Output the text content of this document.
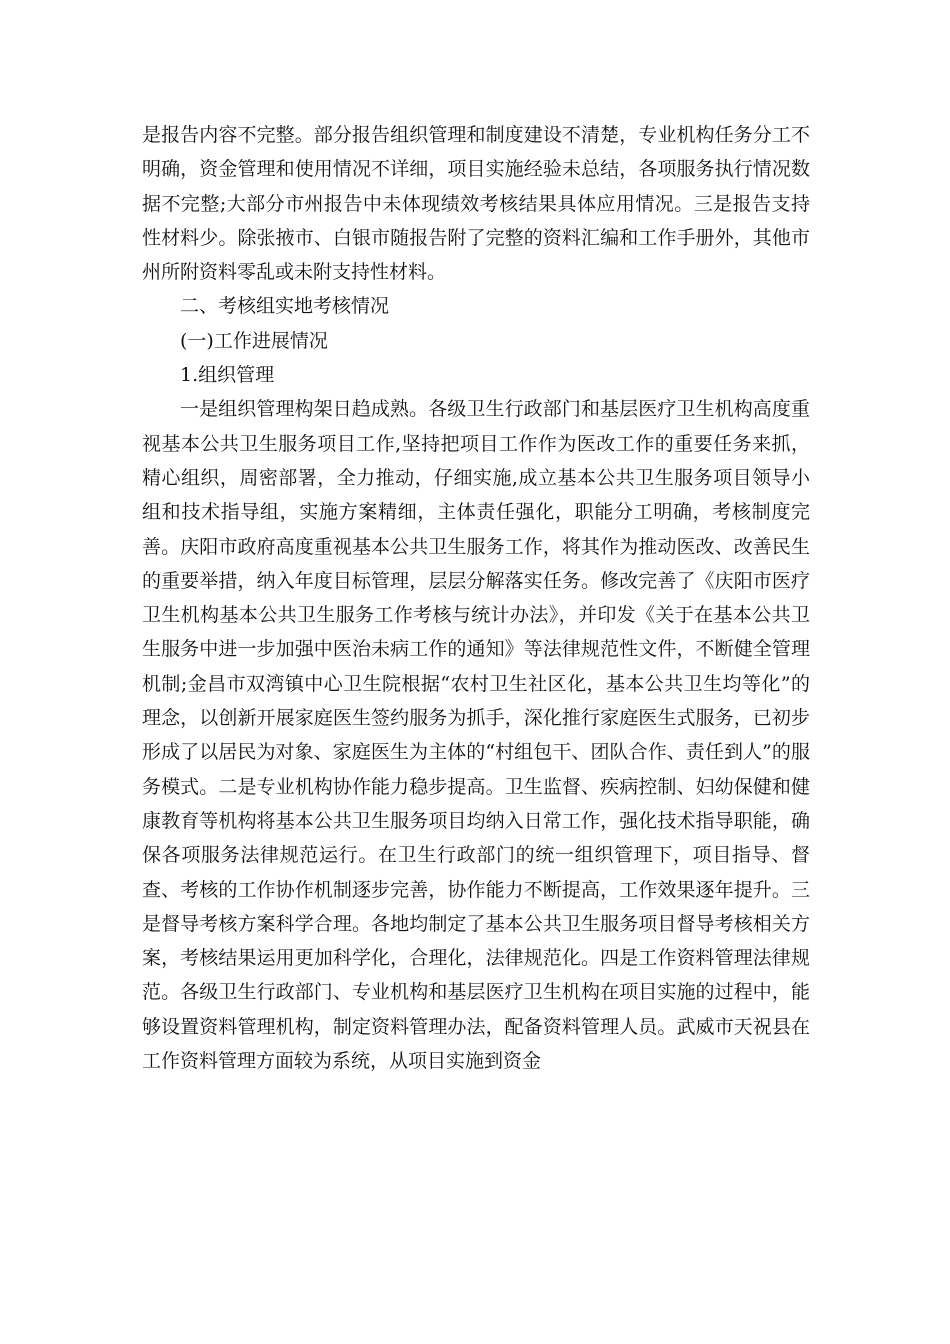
是报告内容不完整。部分报告组织管理和制度建设不清楚，专业机构任务分工不明确，资金管理和使用情况不详细，项目实施经验未总结，各项服务执行情况数据不完整;大部分市州报告中未体现绩效考核结果具体应用情况。三是报告支持性材料少。除张掖市、白银市随报告附了完整的资料汇编和工作手册外，其他市州所附资料零乱或未附支持性材料。

二、考核组实地考核情况

(一)工作进展情况

1.组织管理

一是组织管理构架日趋成熟。各级卫生行政部门和基层医疗卫生机构高度重视基本公共卫生服务项目工作,坚持把项目工作作为医改工作的重要任务来抓，精心组织，周密部署，全力推动，仔细实施,成立基本公共卫生服务项目领导小组和技术指导组，实施方案精细，主体责任强化，职能分工明确，考核制度完善。庆阳市政府高度重视基本公共卫生服务工作，将其作为推动医改、改善民生的重要举措，纳入年度目标管理，层层分解落实任务。修改完善了《庆阳市医疗卫生机构基本公共卫生服务工作考核与统计办法》，并印发《关于在基本公共卫生服务中进一步加强中医治未病工作的通知》等法律规范性文件，不断健全管理机制;金昌市双湾镇中心卫生院根据“农村卫生社区化，基本公共卫生均等化”的理念，以创新开展家庭医生签约服务为抓手，深化推行家庭医生式服务，已初步形成了以居民为对象、家庭医生为主体的“村组包干、团队合作、责任到人”的服务模式。二是专业机构协作能力稳步提高。卫生监督、疾病控制、妇幼保健和健康教育等机构将基本公共卫生服务项目均纳入日常工作，强化技术指导职能，确保各项服务法律规范运行。在卫生行政部门的统一组织管理下，项目指导、督查、考核的工作协作机制逐步完善，协作能力不断提高，工作效果逐年提升。三是督导考核方案科学合理。各地均制定了基本公共卫生服务项目督导考核相关方案，考核结果运用更加科学化，合理化，法律规范化。四是工作资料管理法律规范。各级卫生行政部门、专业机构和基层医疗卫生机构在项目实施的过程中，能够设置资料管理机构，制定资料管理办法，配备资料管理人员。武威市天祝县在工作资料管理方面较为系统，从项目实施到资金
